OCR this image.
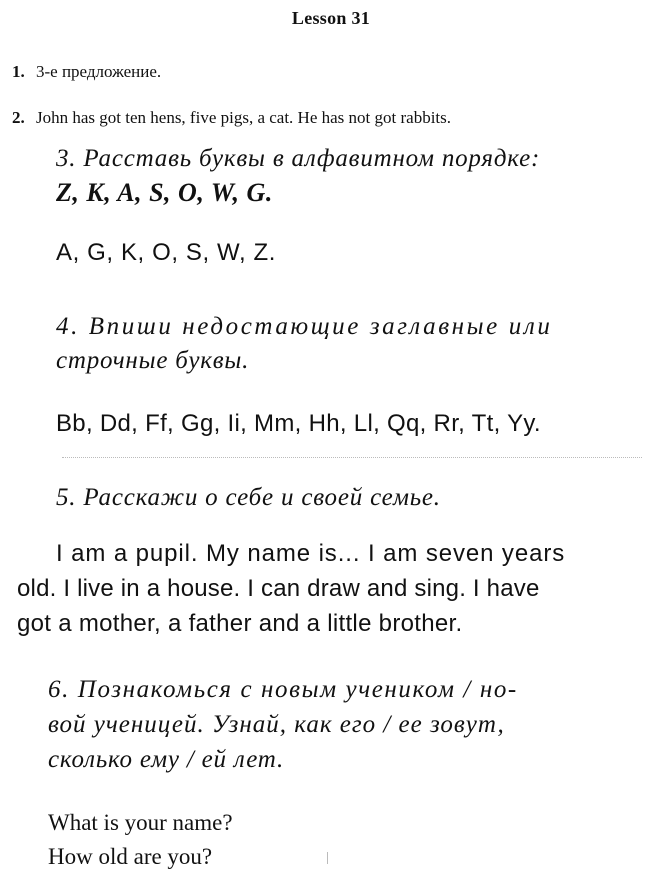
Lesson 31
1. 3-е предложение.
2. John has got ten hens, five pigs, a cat. He has not got rabbits.
3. Расставь буквы в алфавитном порядке:
Z, K, A, S, O, W, G.
A, G, K, O, S, W, Z.
4. Впиши недостающие заглавные или
строчные буквы.
Bb, Dd, Ff, Gg, Ii, Mm, Hh, Ll, Qq, Rr, Tt, Yy.
5. Расскажи о себе и своей семье.
I am a pupil. My name is... I am seven years
old. I live in a house. I can draw and sing. I have
got a mother, a father and a little brother.
6. Познакомься с новым учеником / но-
вой ученицей. Узнай, как его / ее зовут,
сколько ему / ей лет.
What is your name?
How old are you?
